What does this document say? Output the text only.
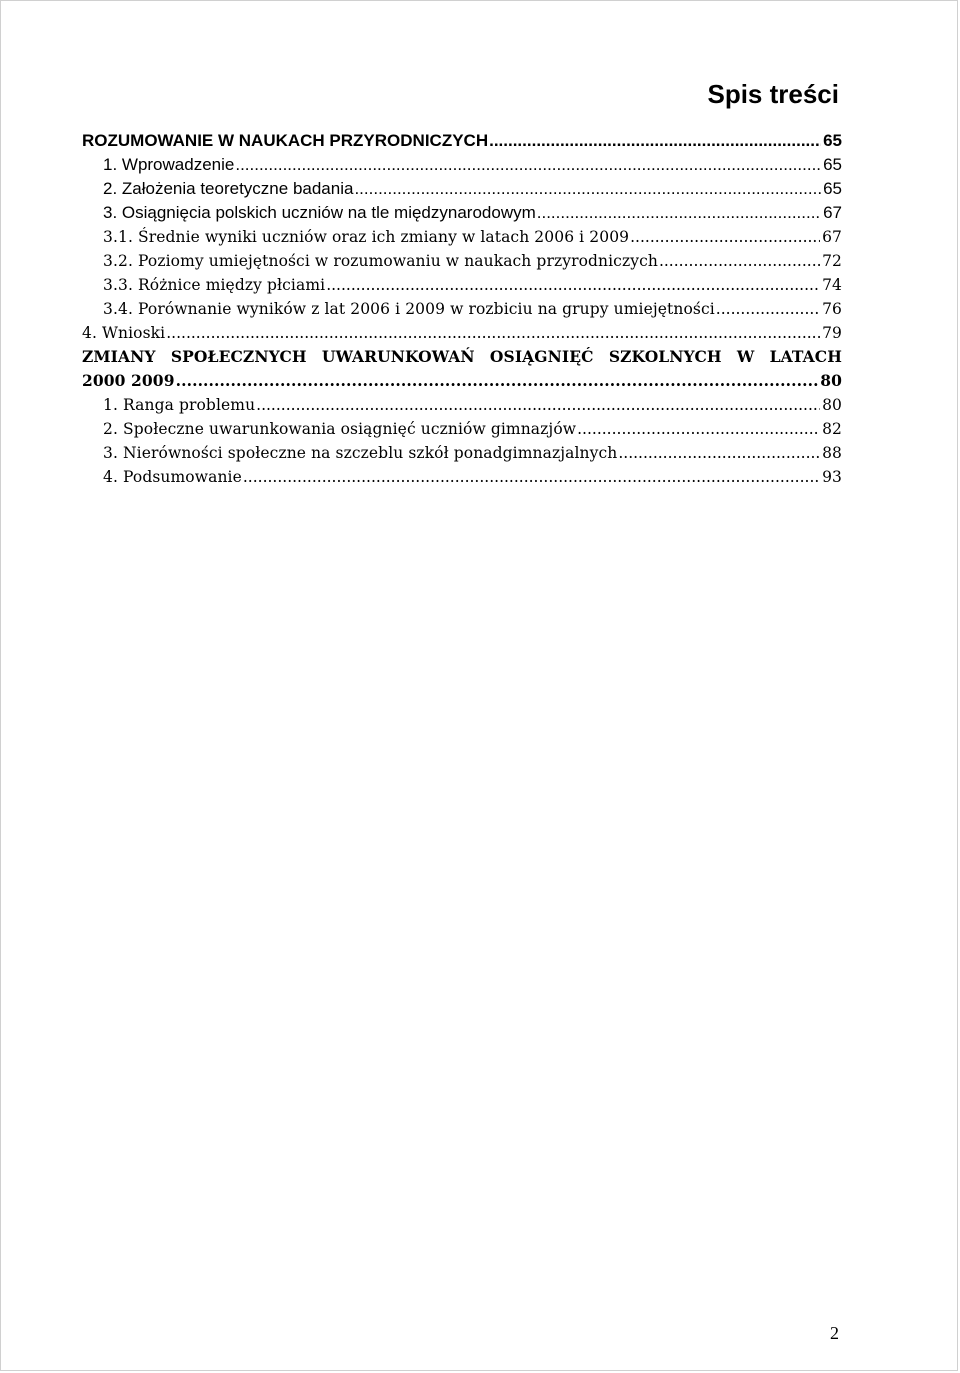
Spis treści
ROZUMOWANIE W NAUKACH PRZYRODNICZYCH .....	65
1. Wprowadzenie .....	65
2. Założenia teoretyczne badania .....	65
3. Osiągnięcia polskich uczniów na tle międzynarodowym .....	67
3.1. Średnie wyniki uczniów oraz ich zmiany w latach 2006 i 2009 .....	67
3.2. Poziomy umiejętności w rozumowaniu w naukach przyrodniczych .....	72
3.3. Różnice między płciami .....	74
3.4. Porównanie wyników z lat 2006 i 2009 w rozbiciu na grupy umiejętności .....	76
4. Wnioski .....	79
ZMIANY SPOŁECZNYCH UWARUNKOWAŃ OSIĄGNIĘĆ SZKOLNYCH W LATACH
2000 2009 .....	80
1. Ranga problemu .....	80
2. Społeczne uwarunkowania osiągnięć uczniów gimnazjów .....	82
3. Nierówności społeczne na szczeblu szkół ponadgimnazjalnych .....	88
4. Podsumowanie .....	93
2
